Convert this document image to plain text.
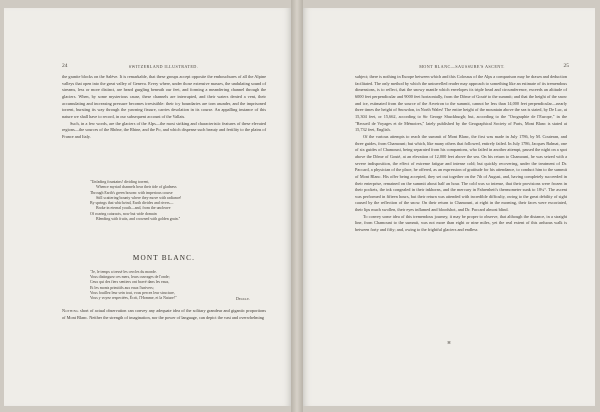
24	SWITZERLAND ILLUSTRATED.

the granite blocks on the Salève. It is remarkable, that these groups accept opposite the embouchures of all the Alpine valleys that open into the great valley of Geneva. Every where, under those extensive masses, the undulating sound of streams, less or more distinct, are heard gurgling beneath our feet, and forming a meandering channel through the glaciers. When, by some mysterious cause, these channels are interrupted, and their waters denied a vent, their accumulating and increasing pressure becomes irresistible: their icy boundaries are torn asunder, and the imprisoned torrent, bursting its way through the yawning fissure, carries desolation in its course. An appalling instance of this nature we shall have to record, in our subsequent account of the Vallais.

Such, in a few words, are the glaciers of the Alps—the most striking and characteristic features of these elevated regions—the sources of the Rhône, the Rhine, and the Po, and which dispense such beauty and fertility to the plains of France and Italy.

"Unfading fountains! dividing torrent,
Whence myriad channels bear their tide of gladness
Through Earth's green bosom: with imperious course
Still scattering bounty where they move with radiance!
By springs that whirlwind, Earth divides and rivers—
Broke in eternal youth—and, from the uncleave
Of roaring cataracts, now but wide domain
Blending with fruits, and crowned with golden grain."
MONT BLANC.
"Je, le temps a tressé les cercles du monde.
Vous distinguez ces mers, leurs ouvrages de l'onde;
Ceux qui des fiers sentiers ont bravé dans les eaux,
Et les monts primitifs aux eaux l'univers;
Vous fouillez leur sein tout, vous percez leur structure,
Vous y voyez respectées, Écrit, l'Homme, et la Nature!"	Delille.

Nothing short of actual observation can convey any adequate idea of the solitary grandeur and gigantic proportions of Mont Blanc. Neither the strength of imagination, nor the power of language, can depict the vast and overwhelming

MONT BLANC—SAUSSURE'S ASCENT.	25

subject; there is nothing in Europe between which and this Colossus of the Alps a comparison may be drawn and deduction facilitated. The only method by which the untravelled reader may approach to something like an estimate of its tremendous dimensions, is to reflect, that the snowy mantle which envelopes its triple head and circumference, exceeds an altitude of 6000 feet perpendicular and 9000 feet horizontally, from the Dôme of Gouté to the summit; and that the height of the snow and ice, estimated from the source of the Arveiron to the summit, cannot be less than 14,000 feet perpendicular—nearly three times the height of Snowdon, in North Wales! The entire height of the mountain above the sea is stated, by De Luc, at 15,304 feet, or 15,662, according to Sir George Shuckburgh; but, according to the "Orographie de l'Europe," in the "Recueil de Voyages et de Mémoires," lately published by the Geographical Society of Paris, Mont Blanc is stated at 15,732 feet, English.

Of the various attempts to reach the summit of Mont Blanc, the first was made in July 1786, by M. Couteran, and three guides, from Chamouni; but which, like many others that followed, entirely failed. In July 1786, Jacques Balmat, one of six guides of Chamouni, being separated from his companions, who failed in another attempt, passed the night on a spot above the Dôme of Gouté, at an elevation of 12,000 feet above the sea. On his return to Chamouni, he was seized with a severe indisposition, the effect of extreme fatigue and intense cold; but quickly recovering, under the treatment of Dr. Paccard, a physician of the place, he offered, as an expression of gratitude for his attendance, to conduct him to the summit of Mont Blanc. His offer being accepted, they set out together on the 7th of August, and, having completely succeeded in their enterprise, remained on the summit about half an hour. The cold was so intense, that their provisions were frozen in their pockets, the ink congealed in their inkhorns, and the mercury in Fahrenheit's thermometer sunk to 18¼°. The ascent was performed in fifteen hours, but their return was attended with incredible difficulty, owing to the great debility of sight caused by the reflection of the snow. On their return to Chamouni, at eight in the morning, their faces were excoriated, their lips much swollen, their eyes inflamed and bloodshot, and Dr. Paccard almost blind.

To convey some idea of this tremendous journey, it may be proper to observe, that although the distance, in a straight line, from Chamouni to the summit, was not more than eight or nine miles, yet the real extent of this arduous walk is between forty and fifty; and, owing to the frightful glaciers and endless

H
